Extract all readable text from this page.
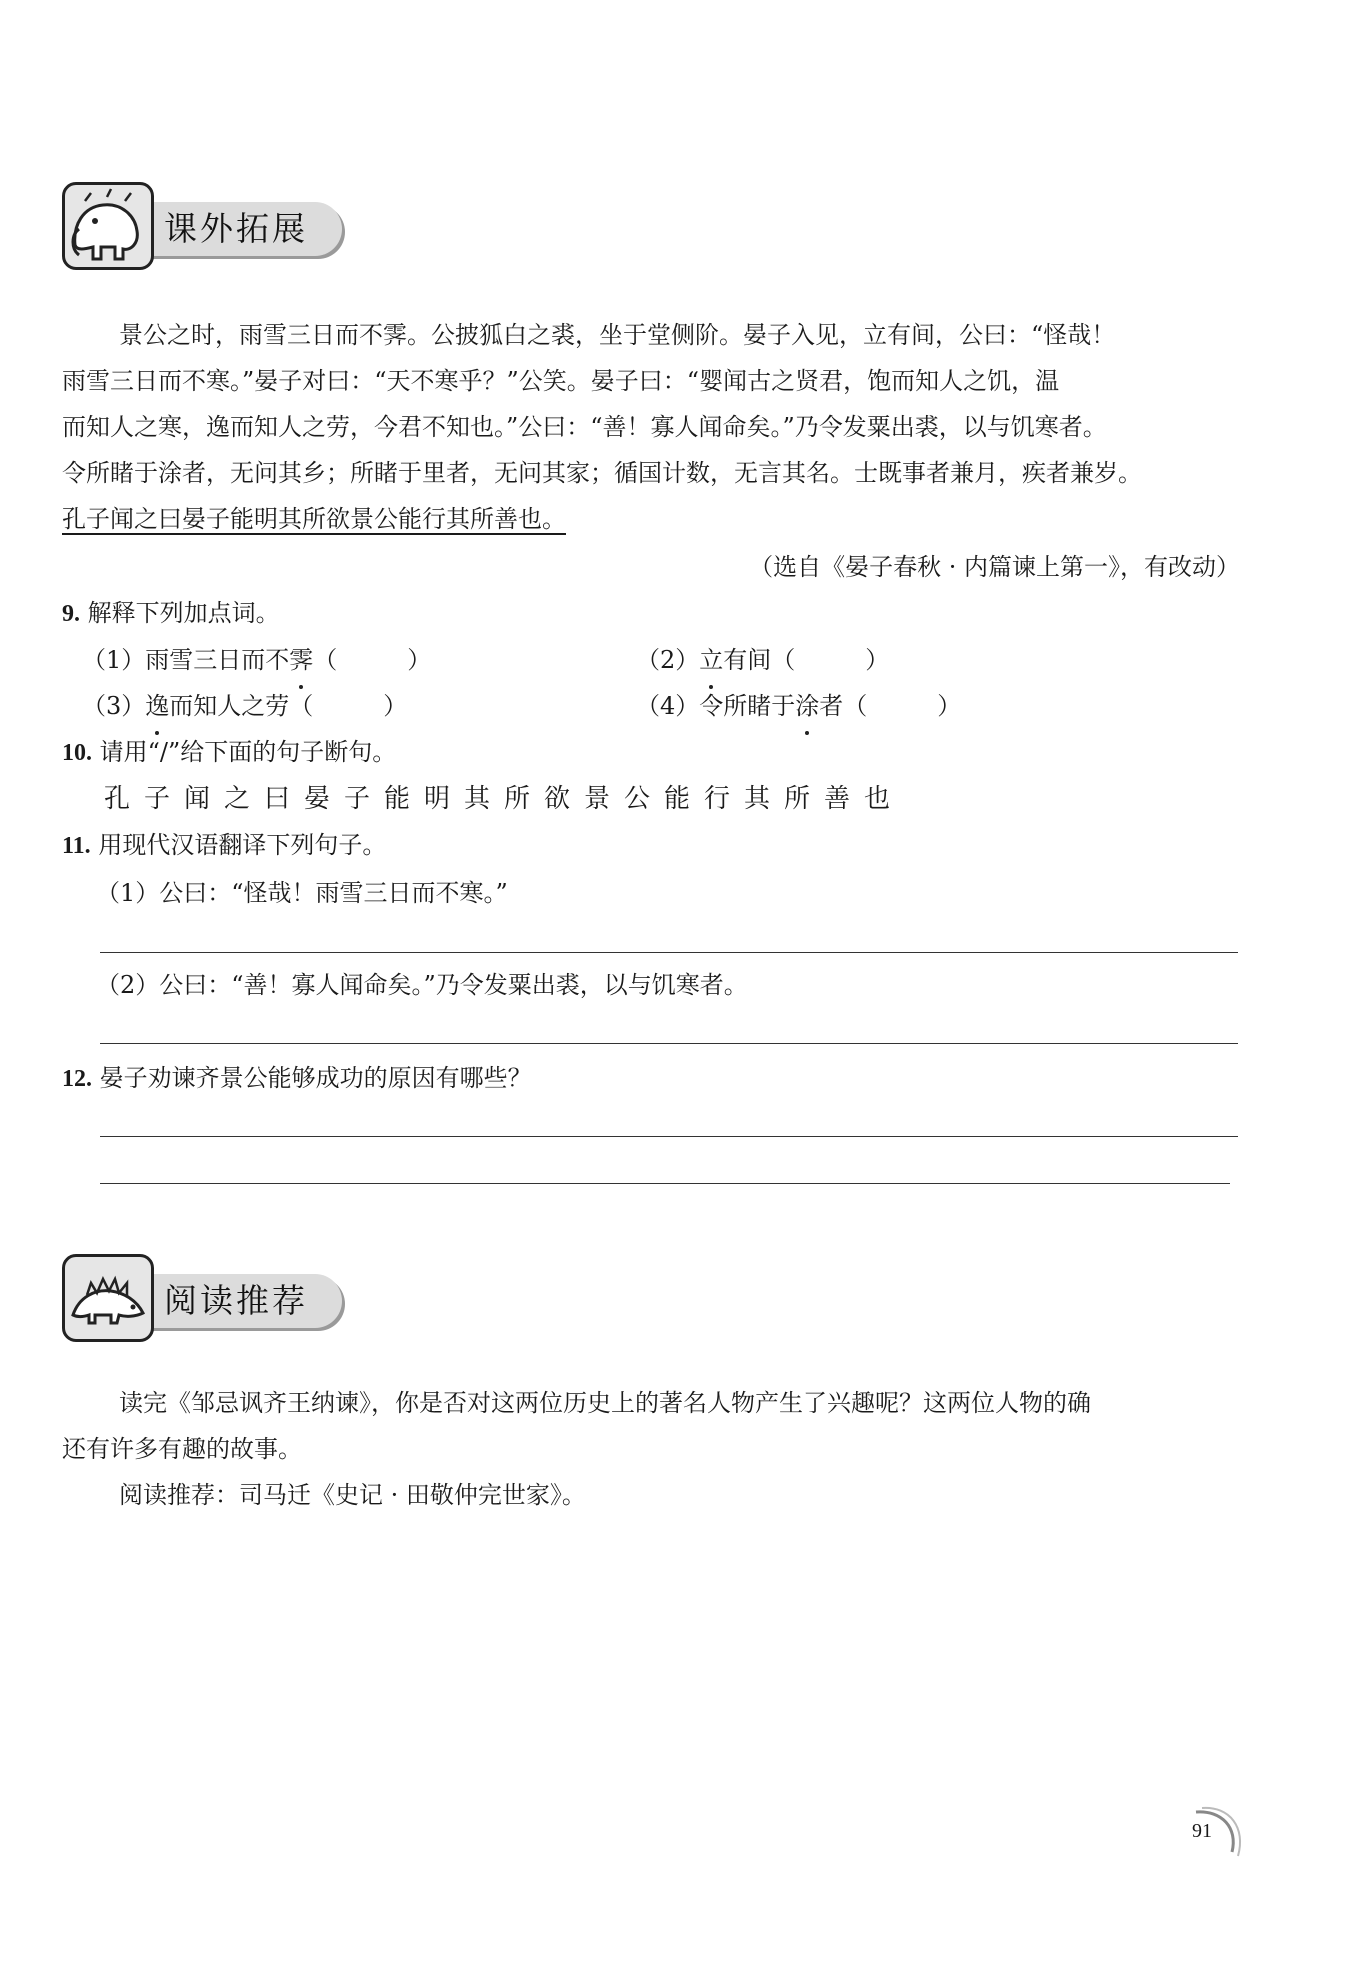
课外拓展
景公之时，雨雪三日而不霁。公披狐白之裘，坐于堂侧阶。晏子入见，立有间，公曰：“怪哉！
雨雪三日而不寒。”晏子对曰：“天不寒乎？”公笑。晏子曰：“婴闻古之贤君，饱而知人之饥，温
而知人之寒，逸而知人之劳，今君不知也。”公曰：“善！寡人闻命矣。”乃令发粟出裘，以与饥寒者。
令所睹于涂者，无问其乡；所睹于里者，无问其家；循国计数，无言其名。士既事者兼月，疾者兼岁。
孔子闻之曰晏子能明其所欲景公能行其所善也。
（选自《晏子春秋 · 内篇谏上第一》，有改动）
9. 解释下列加点词。
（1）雨雪三日而不霁（	）	（2）立有间（	）
（3）逸而知人之劳（	）	（4）令所睹于涂者（	）
10. 请用“/”给下面的句子断句。
孔子闻之曰晏子能明其所欲景公能行其所善也
11. 用现代汉语翻译下列句子。
（1）公曰：“怪哉！雨雪三日而不寒。”
（2）公曰：“善！寡人闻命矣。”乃令发粟出裘，以与饥寒者。
12. 晏子劝谏齐景公能够成功的原因有哪些？
阅读推荐
读完《邹忌讽齐王纳谏》，你是否对这两位历史上的著名人物产生了兴趣呢？这两位人物的确
还有许多有趣的故事。
阅读推荐：司马迁《史记 · 田敬仲完世家》。
91
